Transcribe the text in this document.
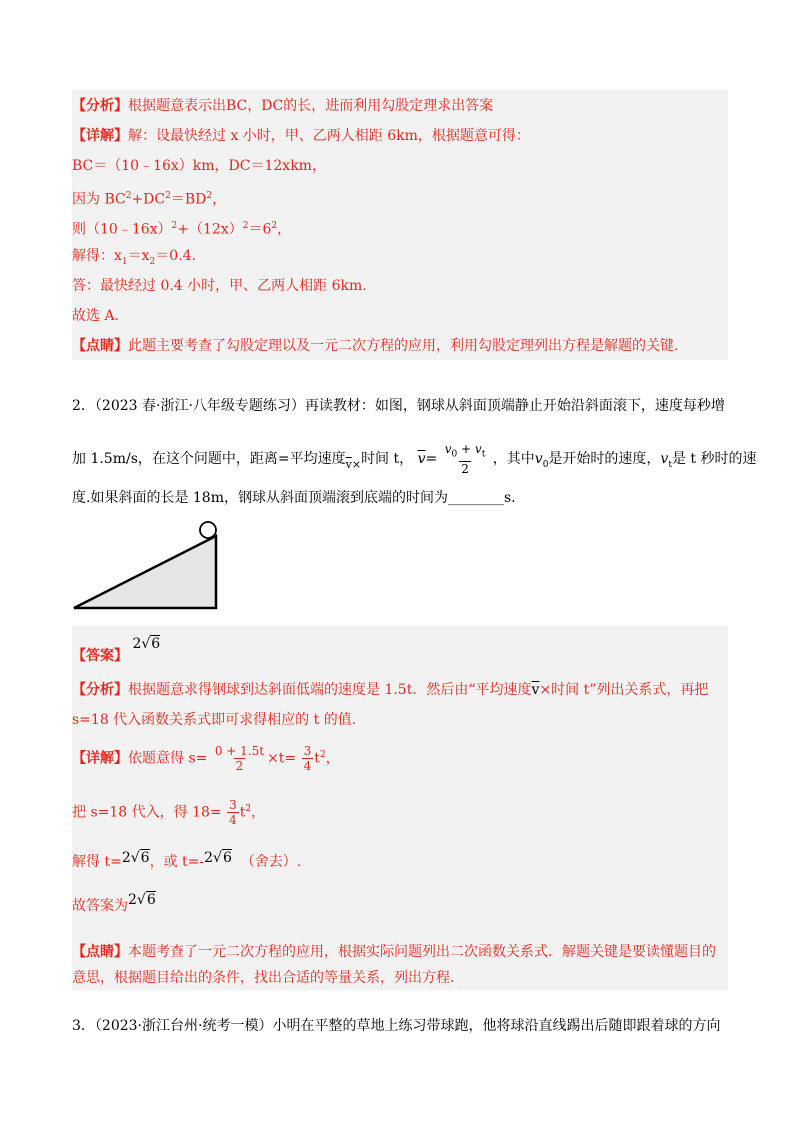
【分析】根据题意表示出BC，DC的长，进而利用勾股定理求出答案
【详解】解：设最快经过 x 小时，甲、乙两人相距 6km，根据题意可得：
BC＝（10﹣16x）km，DC＝12xkm，
因为 $BC^2+DC^2=BD^2$，
则$(10﹣16x)^2+(12x)^2=6^2$，
解得：$x_1=x_2=0.4$.
答：最快经过 0.4 小时，甲、乙两人相距 6km.
故选 A.
【点睛】此题主要考查了勾股定理以及一元二次方程的应用，利用勾股定理列出方程是解题的关键.
2．（2023 春·浙江·八年级专题练习）再读教材：如图，钢球从斜面顶端静止开始沿斜面滚下，速度每秒增
加 1.5m/s，在这个问题中，距离=平均速度$_{\overline{v}\times}$时间 t， $\overline{v}= \frac{v_0 + v_t}{2}$ ，其中$v_0$是开始时的速度，$v_t$是 t 秒时的速
度.如果斜面的长是 18m，钢球从斜面顶端滚到底端的时间为________s.
【答案】 2√6
【分析】根据题意求得钢球到达斜面低端的速度是 1.5t．然后由“平均速度$\overline{v}\times$时间 t”列出关系式，再把
s=18 代入函数关系式即可求得相应的 t 的值.
【详解】依题意得 $s= \frac{0 + 1.5t}{2} \times t= \frac{3}{4} t^2$，
把 s=18 代入，得 $18= \frac{3}{4} t^2$，
解得 t=2√6，或 t=-2√6 （舍去）.
故答案为2√6
【点睛】本题考查了一元二次方程的应用，根据实际问题列出二次函数关系式．解题关键是要读懂题目的
意思，根据题目给出的条件，找出合适的等量关系，列出方程.
3．（2023·浙江台州·统考一模）小明在平整的草地上练习带球跑，他将球沿直线踢出后随即跟着球的方向
